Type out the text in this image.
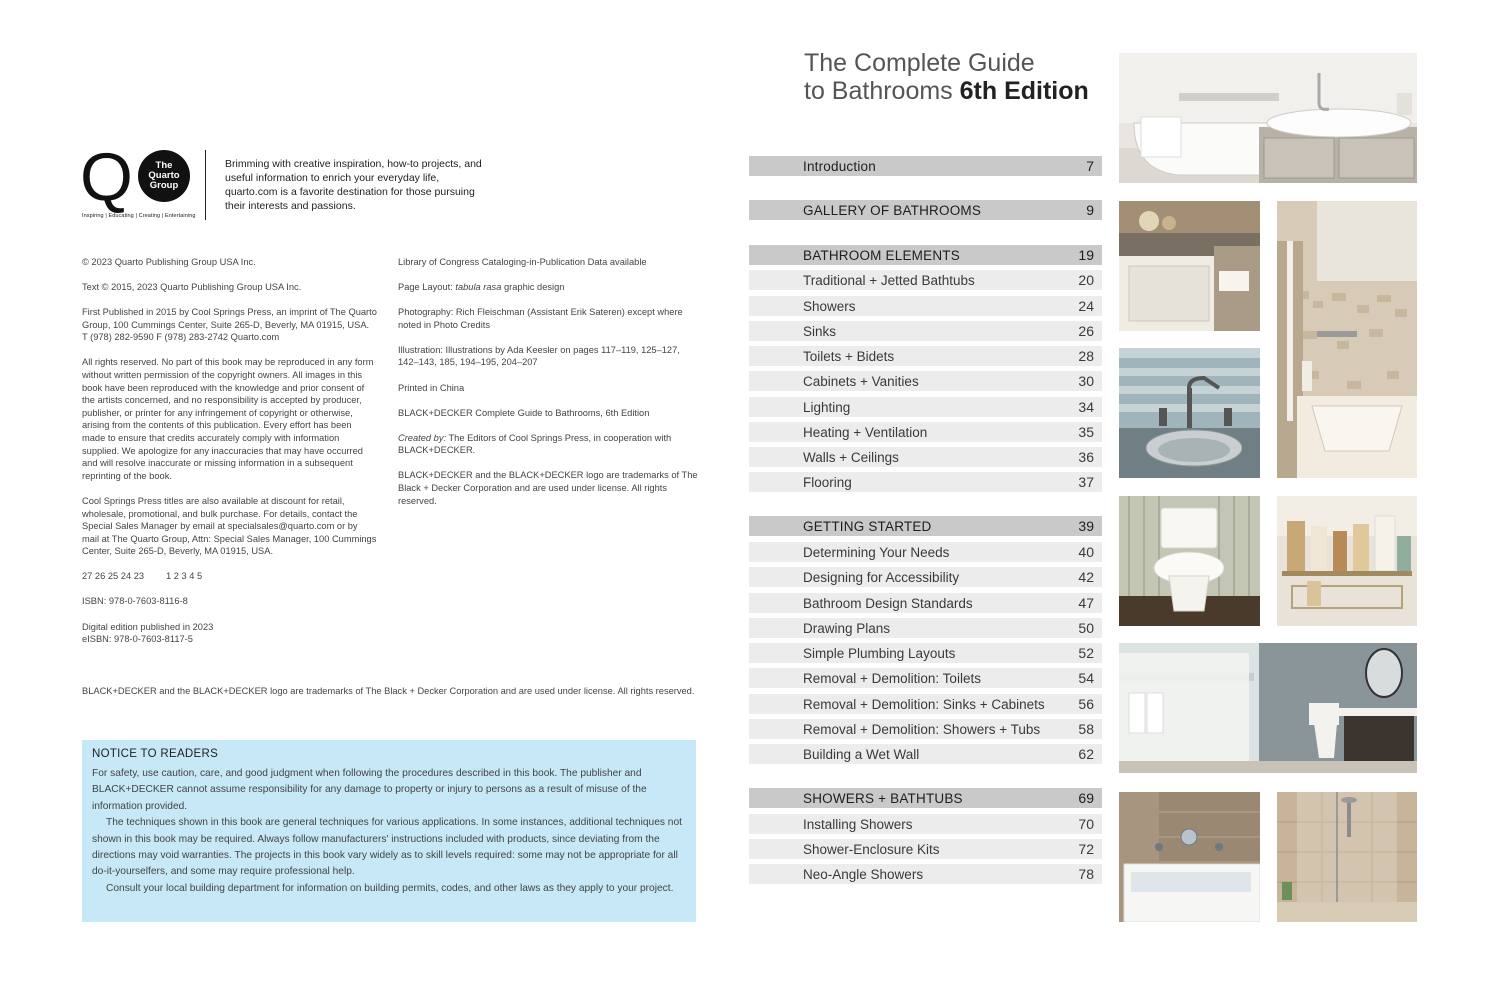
Q	The Quarto Group
Inspiring | Educating | Creating | Entertaining
Brimming with creative inspiration, how-to projects, and useful information to enrich your everyday life, quarto.com is a favorite destination for those pursuing their interests and passions.

© 2023 Quarto Publishing Group USA Inc.

Text © 2015, 2023 Quarto Publishing Group USA Inc.

First Published in 2015 by Cool Springs Press, an imprint of The Quarto Group, 100 Cummings Center, Suite 265-D, Beverly, MA 01915, USA. T (978) 282-9590 F (978) 283-2742 Quarto.com

All rights reserved. No part of this book may be reproduced in any form without written permission of the copyright owners. All images in this book have been reproduced with the knowledge and prior consent of the artists concerned, and no responsibility is accepted by producer, publisher, or printer for any infringement of copyright or otherwise, arising from the contents of this publication. Every effort has been made to ensure that credits accurately comply with information supplied. We apologize for any inaccuracies that may have occurred and will resolve inaccurate or missing information in a subsequent reprinting of the book.

Cool Springs Press titles are also available at discount for retail, wholesale, promotional, and bulk purchase. For details, contact the Special Sales Manager by email at specialsales@quarto.com or by mail at The Quarto Group, Attn: Special Sales Manager, 100 Cummings Center, Suite 265-D, Beverly, MA 01915, USA.

27 26 25 24 23 1 2 3 4 5

ISBN: 978-0-7603-8116-8

Digital edition published in 2023

eISBN: 978-0-7603-8117-5

Library of Congress Cataloging-in-Publication Data available

Page Layout: tabula rasa graphic design

Photography: Rich Fleischman (Assistant Erik Sateren) except where noted in Photo Credits

Illustration: Illustrations by Ada Keesler on pages 117–119, 125–127, 142–143, 185, 194–195, 204–207

Printed in China

BLACK+DECKER Complete Guide to Bathrooms, 6th Edition

Created by: The Editors of Cool Springs Press, in cooperation with BLACK+DECKER.

BLACK+DECKER and the BLACK+DECKER logo are trademarks of The Black + Decker Corporation and are used under license. All rights reserved.

BLACK+DECKER and the BLACK+DECKER logo are trademarks of The Black + Decker Corporation and are used under license. All rights reserved.
NOTICE TO READERS

For safety, use caution, care, and good judgment when following the procedures described in this book. The publisher and BLACK+DECKER cannot assume responsibility for any damage to property or injury to persons as a result of misuse of the information provided.

The techniques shown in this book are general techniques for various applications. In some instances, additional techniques not shown in this book may be required. Always follow manufacturers' instructions included with products, since deviating from the directions may void warranties. The projects in this book vary widely as to skill levels required: some may not be appropriate for all do-it-yourselfers, and some may require professional help.

Consult your local building department for information on building permits, codes, and other laws as they apply to your project.

The Complete Guide
to Bathrooms 6th Edition
Introduction	7
GALLERY OF BATHROOMS	9
BATHROOM ELEMENTS	19
Traditional + Jetted Bathtubs	20
Showers	24
Sinks	26
Toilets + Bidets	28
Cabinets + Vanities	30
Lighting	34
Heating + Ventilation	35
Walls + Ceilings	36
Flooring	37
GETTING STARTED	39
Determining Your Needs	40
Designing for Accessibility	42
Bathroom Design Standards	47
Drawing Plans	50
Simple Plumbing Layouts	52
Removal + Demolition: Toilets	54
Removal + Demolition: Sinks + Cabinets 56
Removal + Demolition: Showers + Tubs	58
Building a Wet Wall	62
SHOWERS + BATHTUBS	69
Installing Showers	70
Shower-Enclosure Kits	72
Neo-Angle Showers	78
